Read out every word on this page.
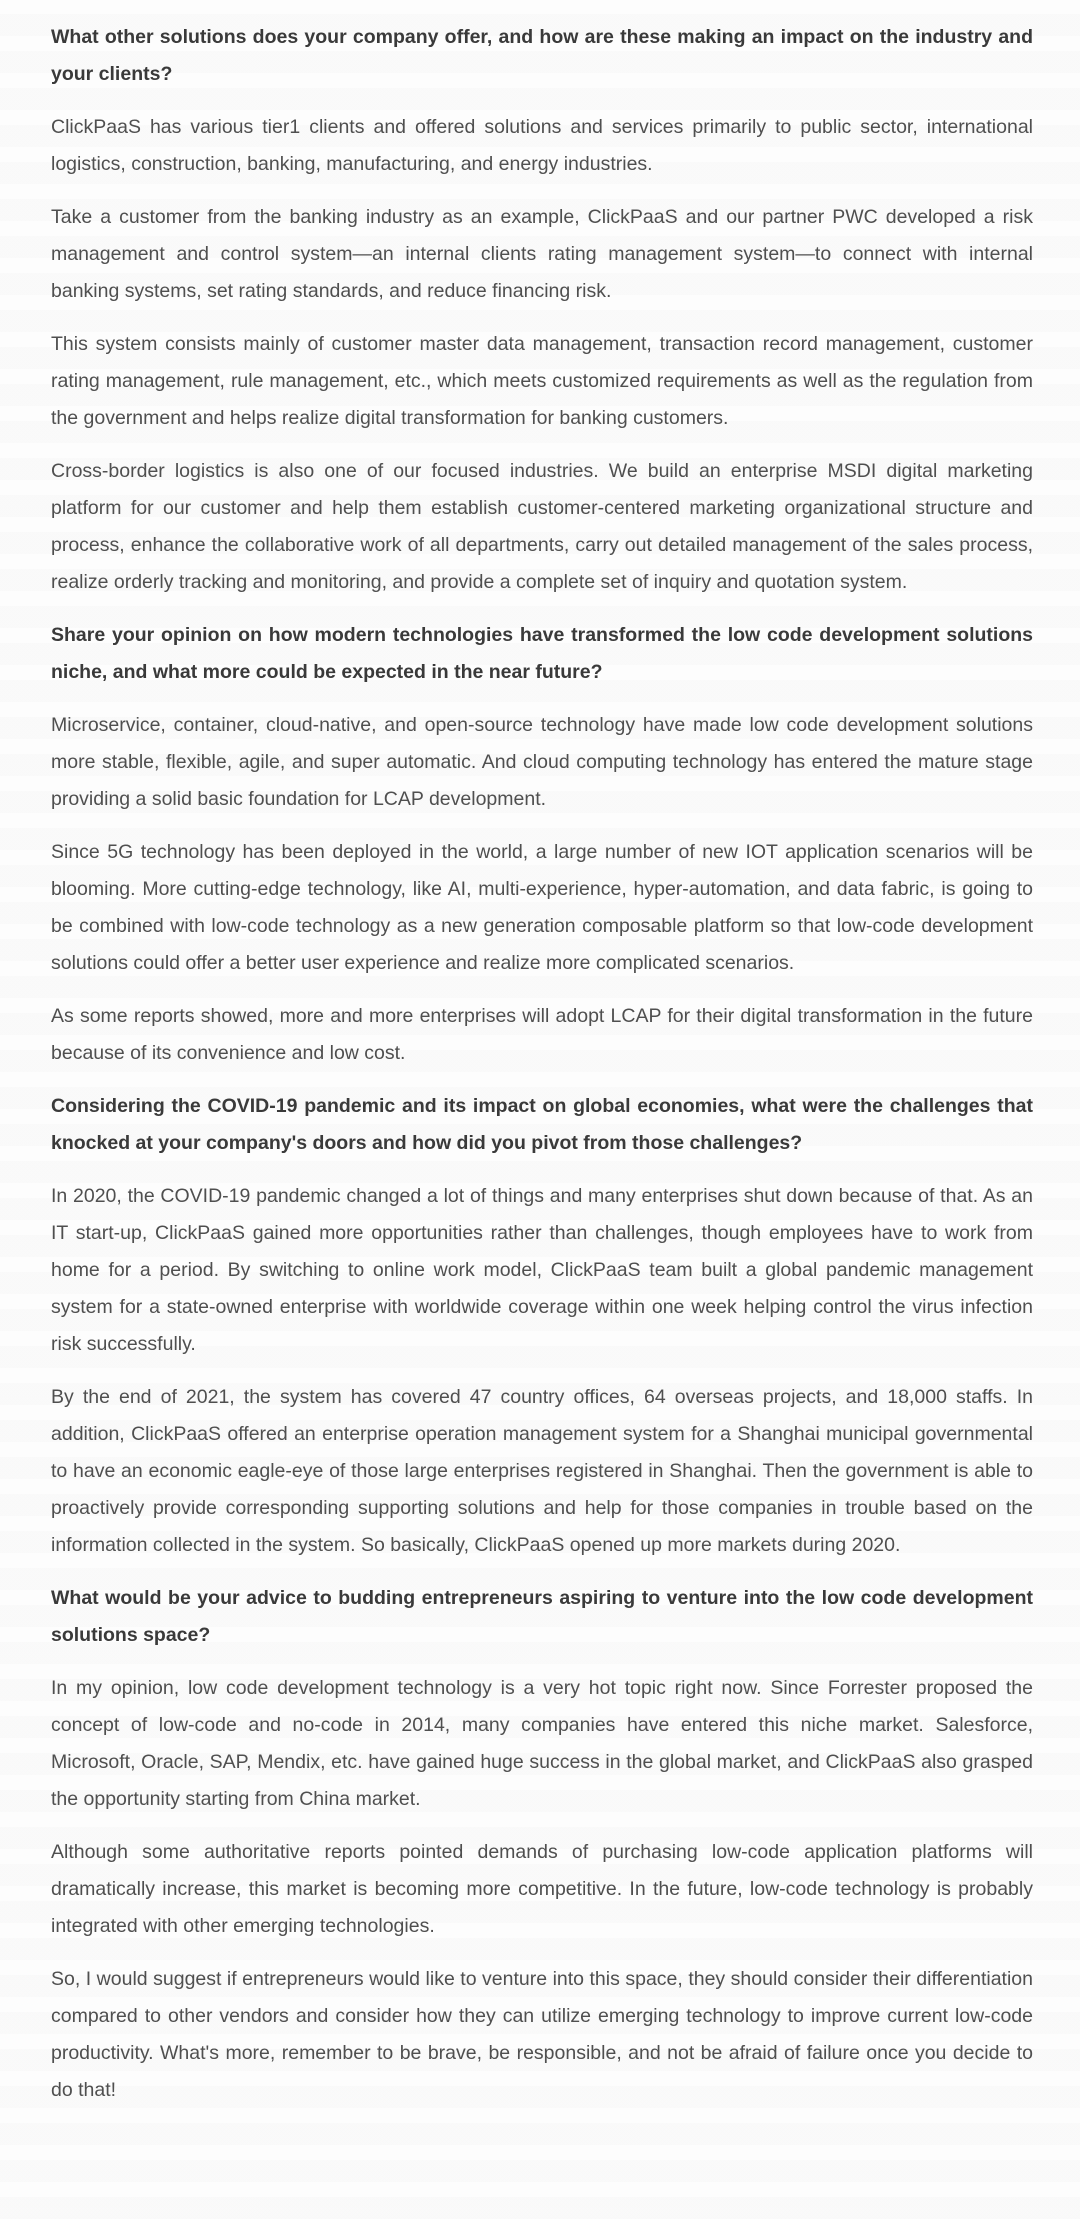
What other solutions does your company offer, and how are these making an impact on the industry and your clients?

ClickPaaS has various tier1 clients and offered solutions and services primarily to public sector, international logistics, construction, banking, manufacturing, and energy industries.

Take a customer from the banking industry as an example, ClickPaaS and our partner PWC developed a risk management and control system—an internal clients rating management system—to connect with internal banking systems, set rating standards, and reduce financing risk.

This system consists mainly of customer master data management, transaction record management, customer rating management, rule management, etc., which meets customized requirements as well as the regulation from the government and helps realize digital transformation for banking customers.

Cross-border logistics is also one of our focused industries. We build an enterprise MSDI digital marketing platform for our customer and help them establish customer-centered marketing organizational structure and process, enhance the collaborative work of all departments, carry out detailed management of the sales process, realize orderly tracking and monitoring, and provide a complete set of inquiry and quotation system.

Share your opinion on how modern technologies have transformed the low code development solutions niche, and what more could be expected in the near future?

Microservice, container, cloud-native, and open-source technology have made low code development solutions more stable, flexible, agile, and super automatic. And cloud computing technology has entered the mature stage providing a solid basic foundation for LCAP development.

Since 5G technology has been deployed in the world, a large number of new IOT application scenarios will be blooming. More cutting-edge technology, like AI, multi-experience, hyper-automation, and data fabric, is going to be combined with low-code technology as a new generation composable platform so that low-code development solutions could offer a better user experience and realize more complicated scenarios.

As some reports showed, more and more enterprises will adopt LCAP for their digital transformation in the future because of its convenience and low cost.

Considering the COVID-19 pandemic and its impact on global economies, what were the challenges that knocked at your company's doors and how did you pivot from those challenges?

In 2020, the COVID-19 pandemic changed a lot of things and many enterprises shut down because of that. As an IT start-up, ClickPaaS gained more opportunities rather than challenges, though employees have to work from home for a period. By switching to online work model, ClickPaaS team built a global pandemic management system for a state-owned enterprise with worldwide coverage within one week helping control the virus infection risk successfully.

By the end of 2021, the system has covered 47 country offices, 64 overseas projects, and 18,000 staffs. In addition, ClickPaaS offered an enterprise operation management system for a Shanghai municipal governmental to have an economic eagle-eye of those large enterprises registered in Shanghai. Then the government is able to proactively provide corresponding supporting solutions and help for those companies in trouble based on the information collected in the system. So basically, ClickPaaS opened up more markets during 2020.

What would be your advice to budding entrepreneurs aspiring to venture into the low code development solutions space?

In my opinion, low code development technology is a very hot topic right now. Since Forrester proposed the concept of low-code and no-code in 2014, many companies have entered this niche market. Salesforce, Microsoft, Oracle, SAP, Mendix, etc. have gained huge success in the global market, and ClickPaaS also grasped the opportunity starting from China market.

Although some authoritative reports pointed demands of purchasing low-code application platforms will dramatically increase, this market is becoming more competitive. In the future, low-code technology is probably integrated with other emerging technologies.

So, I would suggest if entrepreneurs would like to venture into this space, they should consider their differentiation compared to other vendors and consider how they can utilize emerging technology to improve current low-code productivity. What's more, remember to be brave, be responsible, and not be afraid of failure once you decide to do that!
